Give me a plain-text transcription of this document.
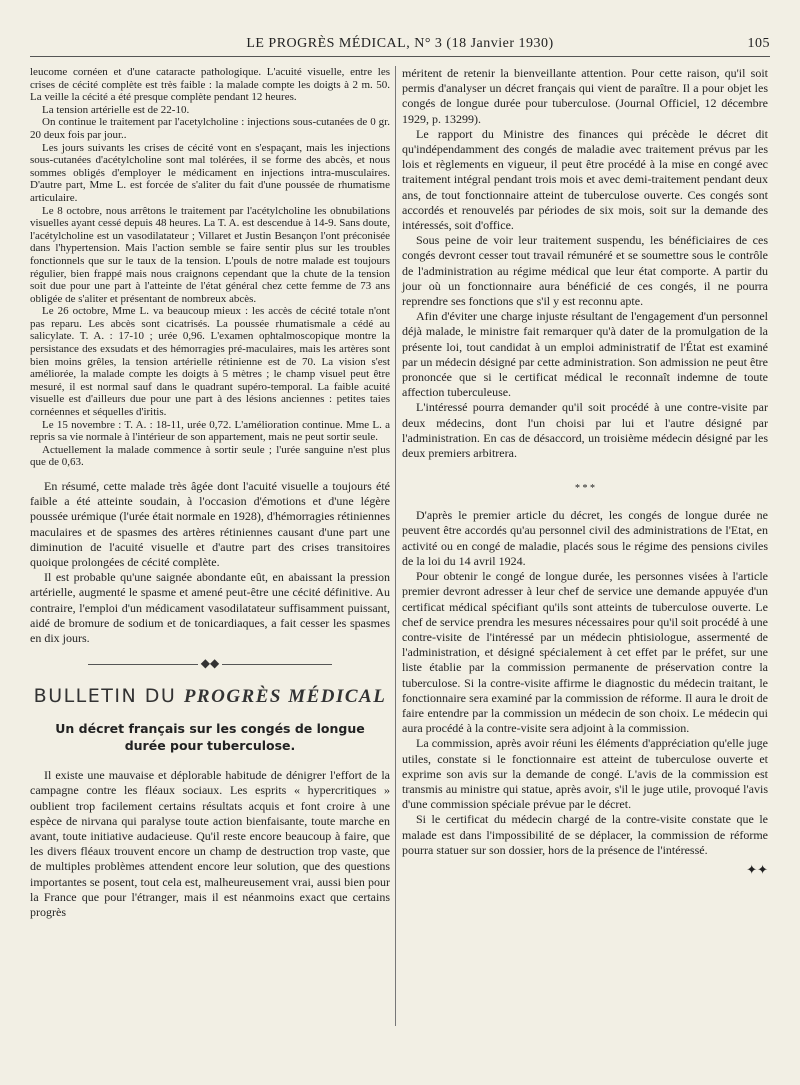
LE PROGRÈS MÉDICAL, N° 3 (18 Janvier 1930)	105

leucome cornéen et d'une cataracte pathologique. L'acuité visuelle, entre les crises de cécité complète est très faible : la malade compte les doigts à 2 m. 50. La veille la cécité a été presque complète pendant 12 heures.

La tension artérielle est de 22-10.

On continue le traitement par l'acetylcholine : injections sous-cutanées de 0 gr. 20 deux fois par jour..

Les jours suivants les crises de cécité vont en s'espaçant, mais les injections sous-cutanées d'acétylcholine sont mal tolérées, il se forme des abcès, et nous sommes obligés d'employer le médicament en injections intra-musculaires. D'autre part, Mme L. est forcée de s'aliter du fait d'une poussée de rhumatisme articulaire.

Le 8 octobre, nous arrêtons le traitement par l'acétylcholine les obnubilations visuelles ayant cessé depuis 48 heures. La T. A. est descendue à 14-9. Sans doute, l'acétylcholine est un vasodilatateur ; Villaret et Justin Besançon l'ont préconisée dans l'hypertension. Mais l'action semble se faire sentir plus sur les troubles fonctionnels que sur le taux de la tension. L'pouls de notre malade est toujours régulier, bien frappé mais nous craignons cependant que la chute de la tension soit due pour une part à l'atteinte de l'état général chez cette femme de 73 ans obligée de s'aliter et présentant de nombreux abcès.

Le 26 octobre, Mme L. va beaucoup mieux : les accès de cécité totale n'ont pas reparu. Les abcès sont cicatrisés. La poussée rhumatismale a cédé au salicylate. T. A. : 17-10 ; urée 0,96. L'examen ophtalmoscopique montre la persistance des exsudats et des hémorragies pré-maculaires, mais les artères sont bien moins grêles, la tension artérielle rétinienne est de 70. La vision s'est améliorée, la malade compte les doigts à 5 mètres ; le champ visuel peut être mesuré, il est normal sauf dans le quadrant supéro-temporal. La faible acuité visuelle est d'ailleurs due pour une part à des lésions anciennes : petites taies cornéennes et séquelles d'iritis.

Le 15 novembre : T. A. : 18-11, urée 0,72. L'amélioration continue. Mme L. a repris sa vie normale à l'intérieur de son appartement, mais ne peut sortir seule.

Actuellement la malade commence à sortir seule ; l'urée sanguine n'est plus que de 0,63.

En résumé, cette malade très âgée dont l'acuité visuelle a toujours été faible a été atteinte soudain, à l'occasion d'émotions et d'une légère poussée urémique (l'urée était normale en 1928), d'hémorragies rétiniennes maculaires et de spasmes des artères rétiniennes causant d'une part une diminution de l'acuité visuelle et d'autre part des crises transitoires quoique prolongées de cécité complète.

Il est probable qu'une saignée abondante eût, en abaissant la pression artérielle, augmenté le spasme et amené peut-être une cécité définitive. Au contraire, l'emploi d'un médicament vasodilatateur suffisamment puissant, aidé de bromure de sodium et de tonicardiaques, a fait cesser les spasmes en dix jours.

◆◆
BULLETIN DU PROGRÈS MÉDICAL
Un décret français sur les congés de longue durée pour tuberculose.

Il existe une mauvaise et déplorable habitude de dénigrer l'effort de la campagne contre les fléaux sociaux. Les esprits « hypercritiques » oublient trop facilement certains résultats acquis et font croire à une espèce de nirvana qui paralyse toute action bienfaisante, toute marche en avant, toute initiative audacieuse. Qu'il reste encore beaucoup à faire, que les divers fléaux trouvent encore un champ de destruction trop vaste, que de multiples problèmes attendent encore leur solution, que des questions importantes se posent, tout cela est, malheureusement vrai, aussi bien pour la France que pour l'étranger, mais il est néanmoins exact que certains progrès

méritent de retenir la bienveillante attention. Pour cette raison, qu'il soit permis d'analyser un décret français qui vient de paraître. Il a pour objet les congés de longue durée pour tuberculose. (Journal Officiel, 12 décembre 1929, p. 13299).

Le rapport du Ministre des finances qui précède le décret dit qu'indépendamment des congés de maladie avec traitement prévus par les lois et règlements en vigueur, il peut être procédé à la mise en congé avec traitement intégral pendant trois mois et avec demi-traitement pendant deux ans, de tout fonctionnaire atteint de tuberculose ouverte. Ces congés sont accordés et renouvelés par périodes de six mois, soit sur la demande des intéressés, soit d'office.

Sous peine de voir leur traitement suspendu, les bénéficiaires de ces congés devront cesser tout travail rémunéré et se soumettre sous le contrôle de l'administration au régime médical que leur état comporte. A partir du jour où un fonctionnaire aura bénéficié de ces congés, il ne pourra reprendre ses fonctions que s'il y est reconnu apte.

Afin d'éviter une charge injuste résultant de l'engagement d'un personnel déjà malade, le ministre fait remarquer qu'à dater de la promulgation de la présente loi, tout candidat à un emploi administratif de l'État est examiné par un médecin désigné par cette administration. Son admission ne peut être prononcée que si le certificat médical le reconnaît indemne de toute affection tuberculeuse.

L'intéressé pourra demander qu'il soit procédé à une contre-visite par deux médecins, dont l'un choisi par lui et l'autre désigné par l'administration. En cas de désaccord, un troisième médecin désigné par les deux premiers arbitrera.

* * *

D'après le premier article du décret, les congés de longue durée ne peuvent être accordés qu'au personnel civil des administrations de l'Etat, en activité ou en congé de maladie, placés sous le régime des pensions civiles de la loi du 14 avril 1924.

Pour obtenir le congé de longue durée, les personnes visées à l'article premier devront adresser à leur chef de service une demande appuyée d'un certificat médical spécifiant qu'ils sont atteints de tuberculose ouverte. Le chef de service prendra les mesures nécessaires pour qu'il soit procédé à une contre-visite de l'intéressé par un médecin phtisiologue, assermenté de l'administration, et désigné spécialement à cet effet par le préfet, sur une liste établie par la commission permanente de préservation contre la tuberculose. Si la contre-visite affirme le diagnostic du médecin traitant, le fonctionnaire sera examiné par la commission de réforme. Il aura le droit de faire entendre par la commission un médecin de son choix. Le médecin qui aura procédé à la contre-visite sera adjoint à la commission.

La commission, après avoir réuni les éléments d'appréciation qu'elle juge utiles, constate si le fonctionnaire est atteint de tuberculose ouverte et exprime son avis sur la demande de congé. L'avis de la commission est transmis au ministre qui statue, après avoir, s'il le juge utile, provoqué l'avis d'une commission spéciale prévue par le décret.

Si le certificat du médecin chargé de la contre-visite constate que le malade est dans l'impossibilité de se déplacer, la commission de réforme pourra statuer sur son dossier, hors de la présence de l'intéressé.

✦✦
